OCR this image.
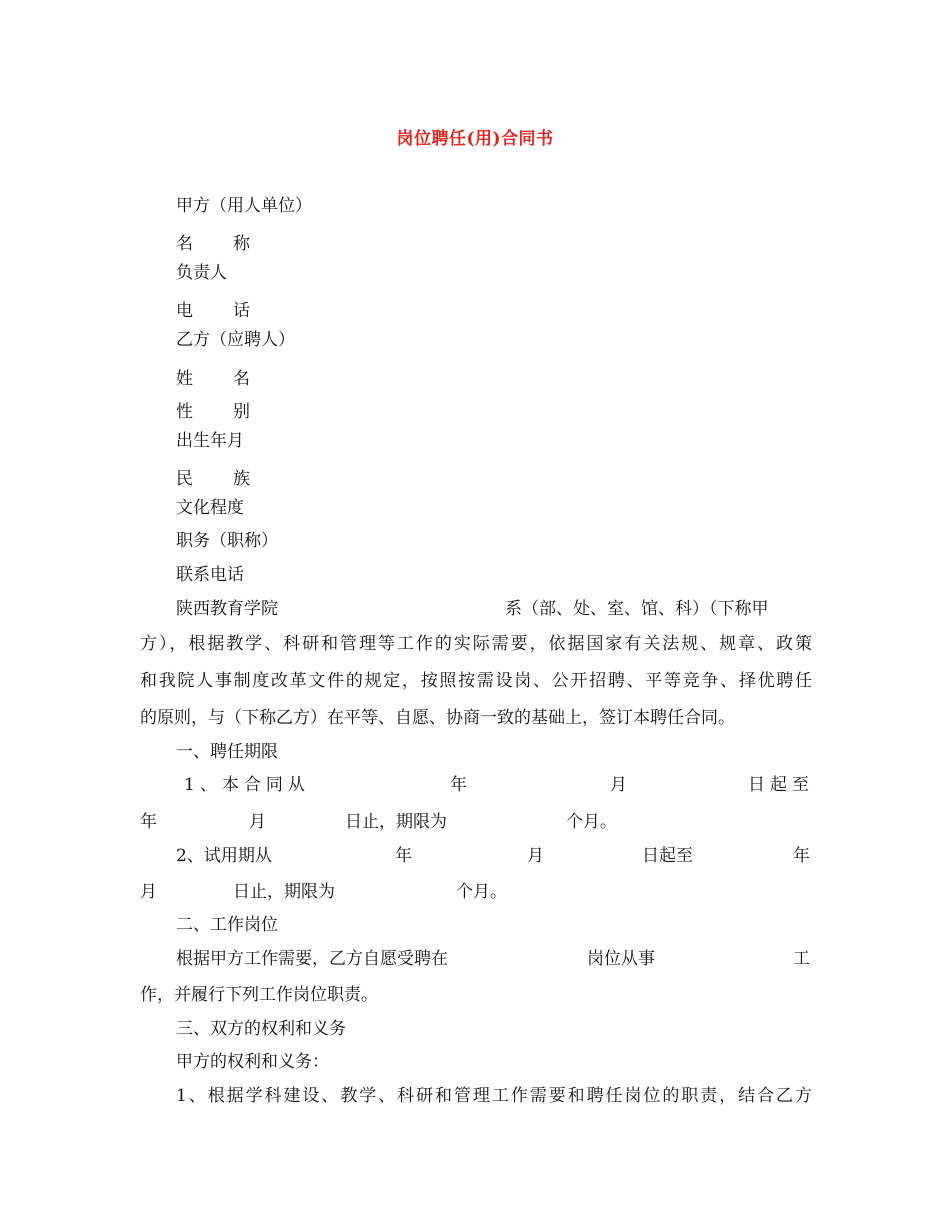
岗位聘任(用)合同书
甲方（用人单位）
名 称
负责人
电 话
乙方（应聘人）
姓 名
性 别
出生年月
民 族
文化程度
职务（职称）
联系电话
陕西教育学院	系（部、处、室、馆、科）（下称甲
方），根据教学、科研和管理等工作的实际需要，依据国家有关法规、规章、政策
和我院人事制度改革文件的规定，按照按需设岗、公开招聘、平等竞争、择优聘任
的原则，与（下称乙方）在平等、自愿、协商一致的基础上，签订本聘任合同。
一、聘任期限
1、本合同从	年	月	日起至
年	月	日止，期限为	个月。
2、试用期从	年	月	日起至	年
月	日止，期限为	个月。
二、工作岗位
根据甲方工作需要，乙方自愿受聘在	岗位从事	工
作，并履行下列工作岗位职责。
三、双方的权利和义务
甲方的权利和义务：
1、根据学科建设、教学、科研和管理工作需要和聘任岗位的职责，结合乙方
